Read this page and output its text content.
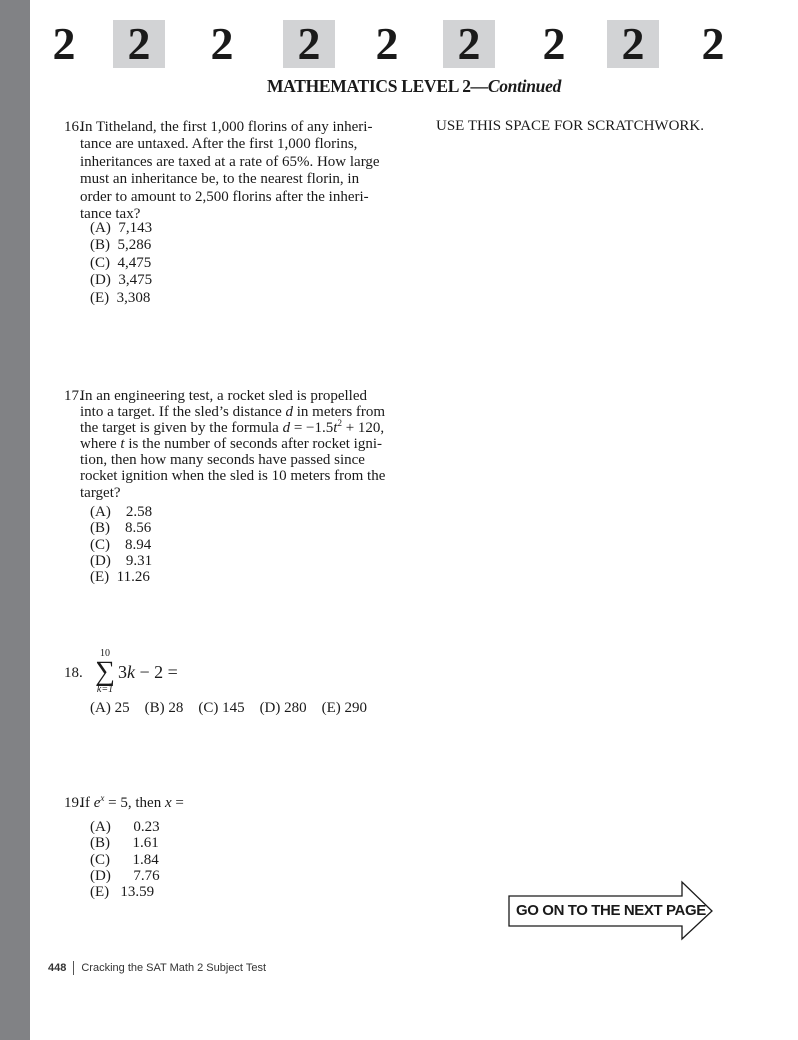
2	2	2	2	2	2	2	2	2
MATHEMATICS LEVEL 2—Continued
USE THIS SPACE FOR SCRATCHWORK.
16.
In Titheland, the first 1,000 florins of any inheri-
tance are untaxed. After the first 1,000 florins,
inheritances are taxed at a rate of 65%. How large
must an inheritance be, to the nearest florin, in
order to amount to 2,500 florins after the inheri-
tance tax?
(A)  7,143
(B)  5,286
(C)  4,475
(D)  3,475
(E)  3,308
17.
In an engineering test, a rocket sled is propelled
into a target. If the sled’s distance d in meters from
the target is given by the formula $d = -1.5t^2 + 120$,
where t is the number of seconds after rocket igni-
tion, then how many seconds have passed since
rocket ignition when the sled is 10 meters from the
target?
(A)    2.58
(B)    8.56
(C)    8.94
(D)    9.31
(E)  11.26
18.
10
∑
k=1
3k − 2 =
(A) 25    (B) 28    (C) 145    (D) 280    (E) 290
19.
If $e^x = 5$, then x =
(A)      0.23
(B)      1.61
(C)      1.84
(D)      7.76
(E)   13.59
GO ON TO THE NEXT PAGE
448 Cracking the SAT Math 2 Subject Test
